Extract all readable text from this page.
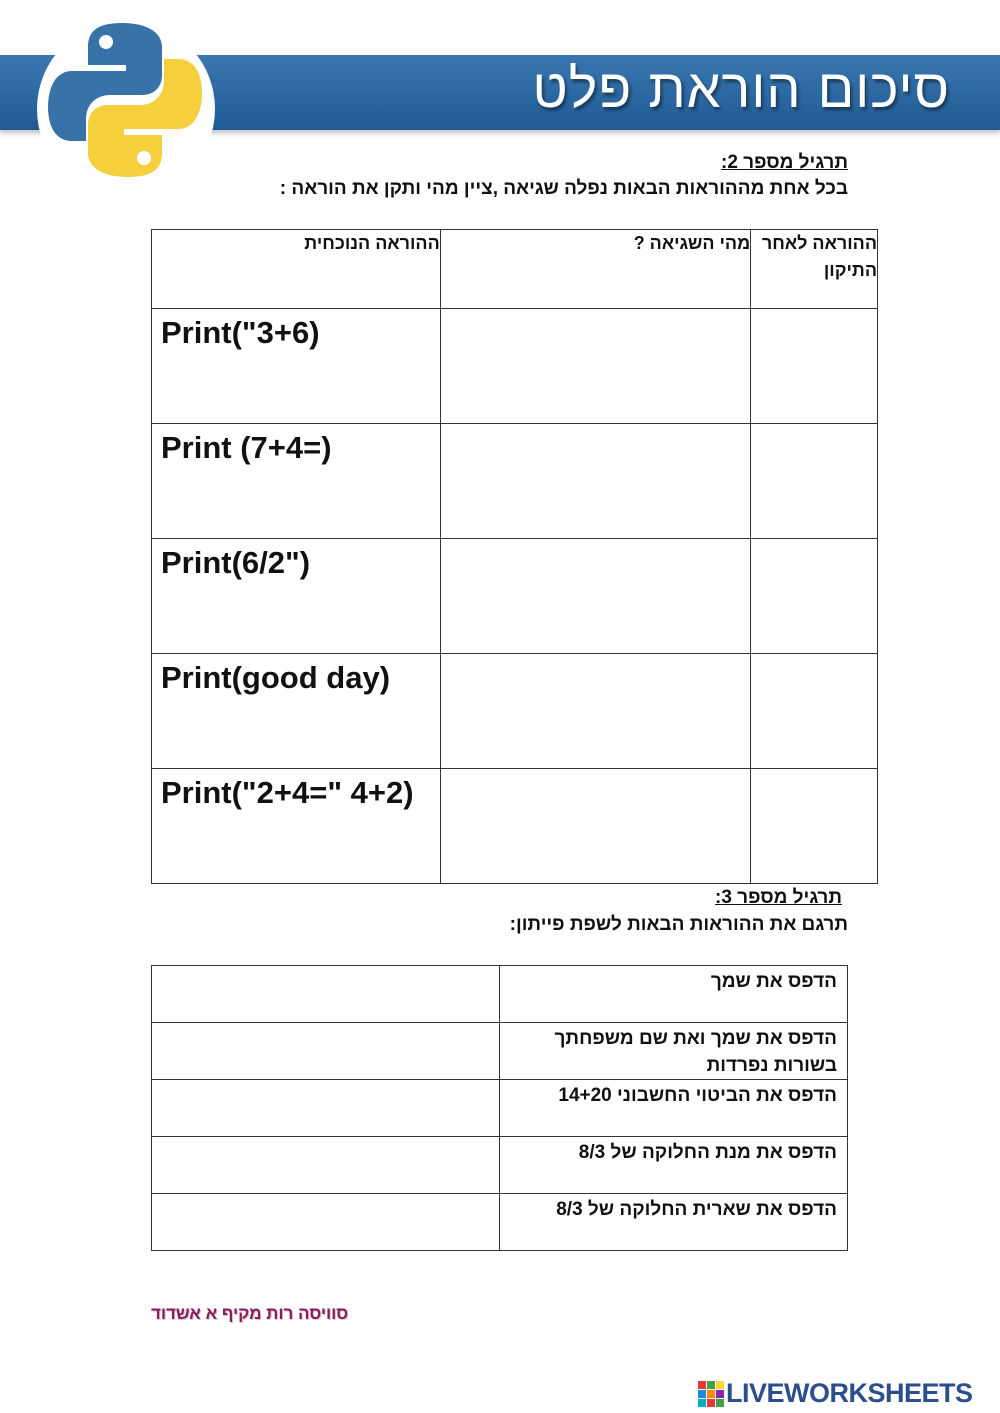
סיכום הוראת פלט

תרגיל מספר 2:

בכל אחת מההוראות הבאות נפלה שגיאה ,ציין מהי ותקן את הוראה :

ההוראה לאחר התיקון	מהי השגיאה ?	ההוראה הנוכחית
		Print("3+6)
		Print (7+4=)
		Print(6/2")
		Print(good day)
		Print("2+4=" 4+2)

תרגיל מספר 3:

תרגם את ההוראות הבאות לשפת פייתון:

הדפס את שמך	
הדפס את שמך ואת שם משפחתך בשורות נפרדות	
הדפס את הביטוי החשבוני 14+20	
הדפס את מנת החלוקה של 8/3	
הדפס את שארית החלוקה של 8/3	

סוויסה רות מקיף א אשדוד

LIVEWORKSHEETS
